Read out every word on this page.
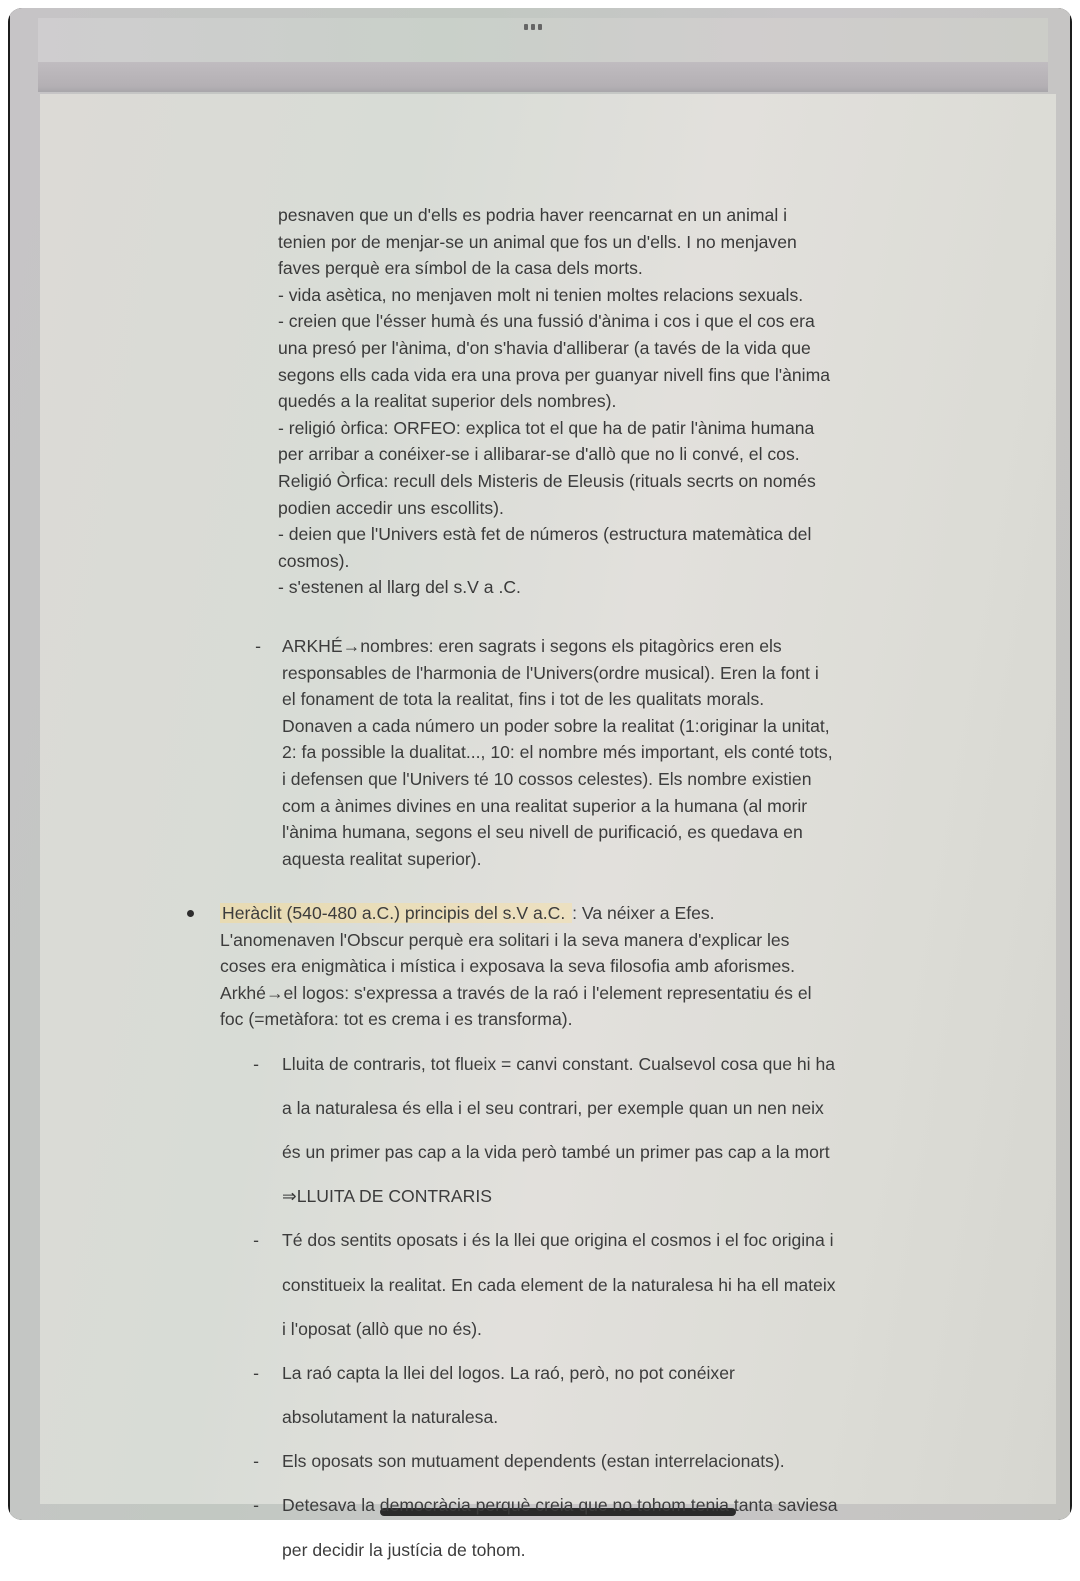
pesnaven que un d'ells es podria haver reencarnat en un animal i

tenien por de menjar-se un animal que fos un d'ells. I no menjaven

faves perquè era símbol de la casa dels morts.

- vida asètica, no menjaven molt ni tenien moltes relacions sexuals.

- creien que l'ésser humà és una fussió d'ànima i cos i que el cos era

una presó per l'ànima, d'on s'havia d'alliberar (a tavés de la vida que

segons ells cada vida era una prova per guanyar nivell fins que l'ànima

quedés a la realitat superior dels nombres).

- religió òrfica: ORFEO: explica tot el que ha de patir l'ànima humana

per arribar a conéixer-se i allibarar-se d'allò que no li convé, el cos.

Religió Òrfica: recull dels Misteris de Eleusis (rituals secrts on només

podien accedir uns escollits).

- deien que l'Univers està fet de números (estructura matemàtica del

cosmos).

- s'estenen al llarg del s.V a .C.

-	ARKHÉ→nombres: eren sagrats i segons els pitagòrics eren els

responsables de l'harmonia de l'Univers(ordre musical). Eren la font i

el fonament de tota la realitat, fins i tot de les qualitats morals.

Donaven a cada número un poder sobre la realitat (1:originar la unitat,

2: fa possible la dualitat..., 10: el nombre més important, els conté tots,

i defensen que l'Univers té 10 cossos celestes). Els nombre existien

com a ànimes divines en una realitat superior a la humana (al morir

l'ànima humana, segons el seu nivell de purificació, es quedava en

aquesta realitat superior).

Heràclit (540-480 a.C.) principis del s.V a.C. : Va néixer a Efes.

L'anomenaven l'Obscur perquè era solitari i la seva manera d'explicar les

coses era enigmàtica i mística i exposava la seva filosofia amb aforismes.

Arkhé→el logos: s'expressa a través de la raó i l'element representatiu és el

foc (=metàfora: tot es crema i es transforma).

-	Lluita de contraris, tot flueix = canvi constant. Cualsevol cosa que hi ha

a la naturalesa és ella i el seu contrari, per exemple quan un nen neix

és un primer pas cap a la vida però també un primer pas cap a la mort

⇒LLUITA DE CONTRARIS

-	Té dos sentits oposats i és la llei que origina el cosmos i el foc origina i

constitueix la realitat. En cada element de la naturalesa hi ha ell mateix

i l'oposat (allò que no és).

-	La raó capta la llei del logos. La raó, però, no pot conéixer

absolutament la naturalesa.

-	Els oposats son mutuament dependents (estan interrelacionats).

-	Detesava la democràcia perquè creia que no tohom tenia tanta saviesa

per decidir la justícia de tohom.
